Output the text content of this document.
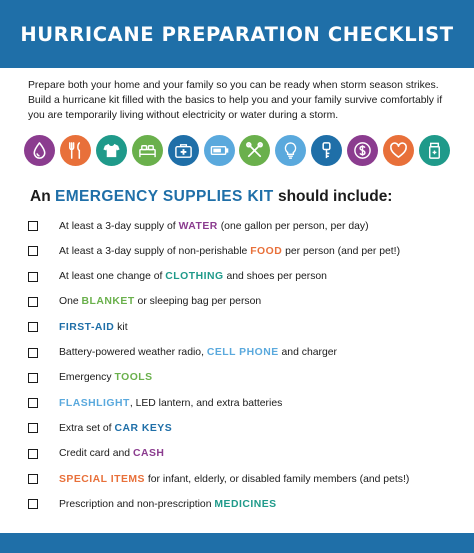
HURRICANE PREPARATION CHECKLIST

Prepare both your home and your family so you can be ready when storm season strikes. Build a hurricane kit filled with the basics to help you and your family survive comfortably if you are temporarily living without electricity or water during a storm.

An EMERGENCY SUPPLIES KIT should include:
At least a 3-day supply of WATER (one gallon per person, per day)
At least a 3-day supply of non-perishable FOOD per person (and per pet!)
At least one change of CLOTHING and shoes per person
One BLANKET or sleeping bag per person
FIRST-AID kit
Battery-powered weather radio, CELL PHONE and charger
Emergency TOOLS
FLASHLIGHT, LED lantern, and extra batteries
Extra set of CAR KEYS
Credit card and CASH
SPECIAL ITEMS for infant, elderly, or disabled family members (and pets!)
Prescription and non-prescription MEDICINES
